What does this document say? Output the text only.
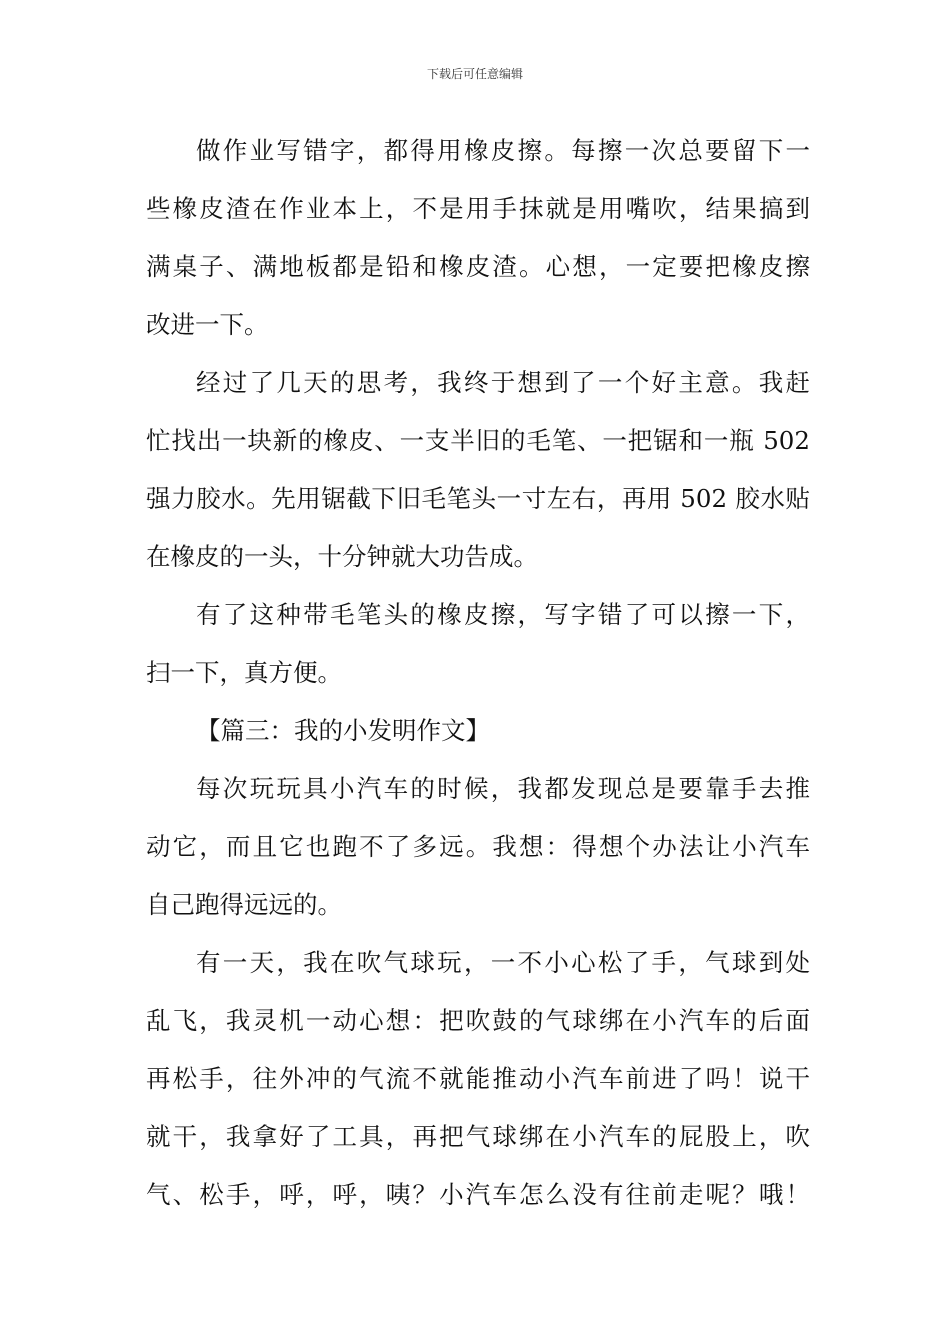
下载后可任意编辑
做作业写错字，都得用橡皮擦。每擦一次总要留下一
些橡皮渣在作业本上，不是用手抹就是用嘴吹，结果搞到
满桌子、满地板都是铅和橡皮渣。心想，一定要把橡皮擦
改进一下。
经过了几天的思考，我终于想到了一个好主意。我赶
忙找出一块新的橡皮、一支半旧的毛笔、一把锯和一瓶 502
强力胶水。先用锯截下旧毛笔头一寸左右，再用 502 胶水贴
在橡皮的一头，十分钟就大功告成。
有了这种带毛笔头的橡皮擦，写字错了可以擦一下，
扫一下，真方便。
【篇三：我的小发明作文】
每次玩玩具小汽车的时候，我都发现总是要靠手去推
动它，而且它也跑不了多远。我想：得想个办法让小汽车
自己跑得远远的。
有一天，我在吹气球玩，一不小心松了手，气球到处
乱飞，我灵机一动心想：把吹鼓的气球绑在小汽车的后面
再松手，往外冲的气流不就能推动小汽车前进了吗！说干
就干，我拿好了工具，再把气球绑在小汽车的屁股上，吹
气、松手，呼，呼，咦？小汽车怎么没有往前走呢？哦！
